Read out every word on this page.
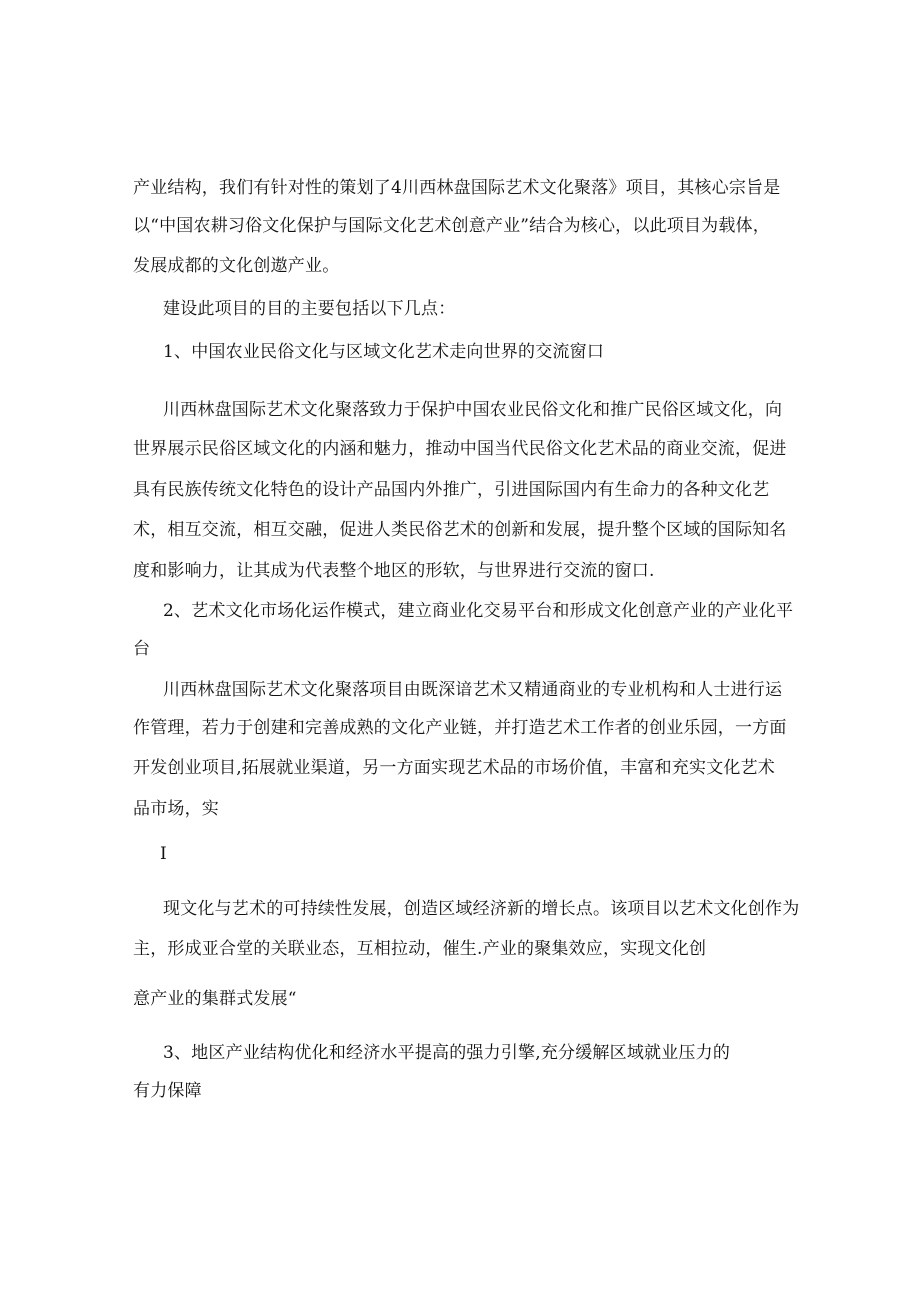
产业结构，我们有针对性的策划了4川西林盘国际艺术文化聚落》项目，其核心宗旨是
以“中国农耕习俗文化保护与国际文化艺术创意产业”结合为核心，以此项目为载体，
发展成都的文化创遨产业。
建设此项目的目的主要包括以下几点：
1、中国农业民俗文化与区域文化艺术走向世界的交流窗口
川西林盘国际艺术文化聚落致力于保护中国农业民俗文化和推广民俗区域文化，向
世界展示民俗区域文化的内涵和魅力，推动中国当代民俗文化艺术品的商业交流，促进
具有民族传统文化特色的设计产品国内外推广，引进国际国内有生命力的各种文化艺
术，相互交流，相互交融，促进人类民俗艺术的创新和发展，提升整个区域的国际知名
度和影响力，让其成为代表整个地区的形软，与世界进行交流的窗口.
2、艺术文化市场化运作模式，建立商业化交易平台和形成文化创意产业的产业化平
台
川西林盘国际艺术文化聚落项目由既深谙艺术又精通商业的专业机构和人士进行运
作管理，若力于创建和完善成熟的文化产业链，并打造艺术工作者的创业乐园，一方面
开发创业项目,拓展就业渠道，另一方面实现艺术品的市场价值，丰富和充实文化艺术
品市场，实
I
现文化与艺术的可持续性发展，创造区域经济新的增长点。该项目以艺术文化创作为
主，形成亚合堂的关联业态，互相拉动，催生.产业的聚集效应，实现文化创
意产业的集群式发展“
3、地区产业结构优化和经济水平提高的强力引擎,充分缓解区域就业压力的
有力保障
